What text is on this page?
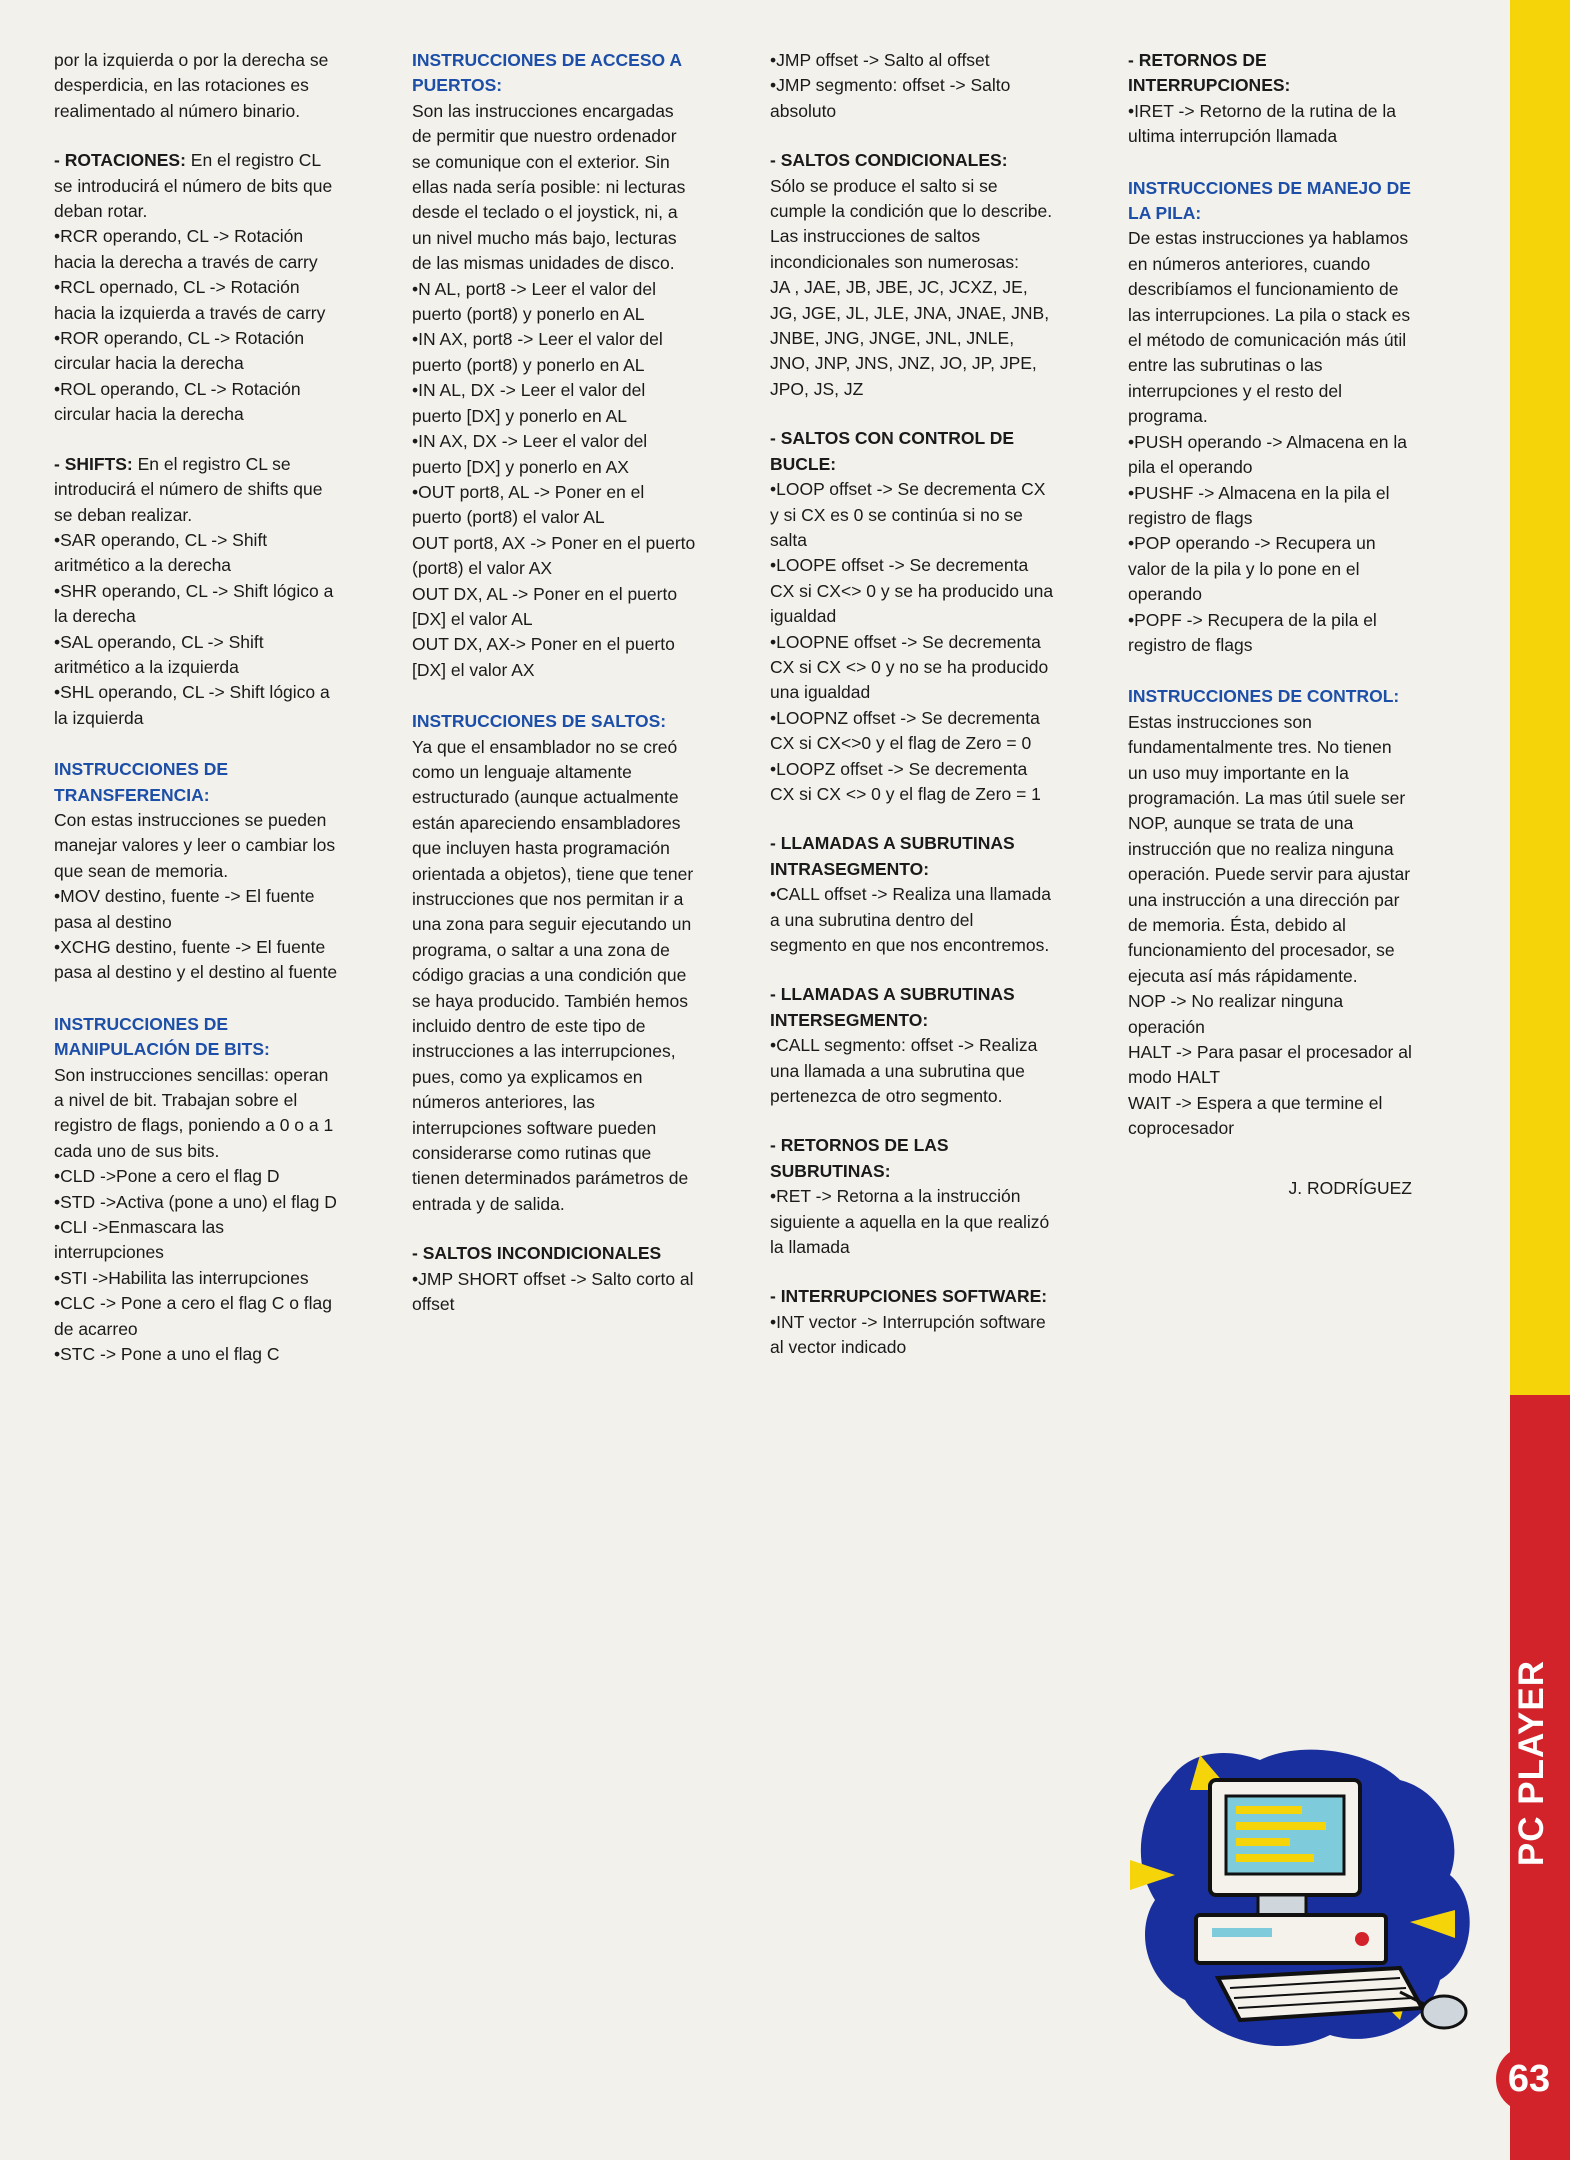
PC PLAYER
63

por la izquierda o por la derecha se desperdicia, en las rotaciones es realimentado al número binario.

- ROTACIONES: En el registro CL se introducirá el número de bits que deban rotar.

•RCR operando, CL -> Rotación hacia la derecha a través de carry

•RCL opernado, CL -> Rotación hacia la izquierda a través de carry

•ROR operando, CL -> Rotación circular hacia la derecha

•ROL operando, CL -> Rotación circular hacia la derecha

- SHIFTS: En el registro CL se introducirá el número de shifts que se deban realizar.

•SAR operando, CL -> Shift aritmético a la derecha

•SHR operando, CL -> Shift lógico a la derecha

•SAL operando, CL -> Shift aritmético a la izquierda

•SHL operando, CL -> Shift lógico a la izquierda

INSTRUCCIONES DE TRANSFERENCIA:

Con estas instrucciones se pueden manejar valores y leer o cambiar los que sean de memoria.

•MOV destino, fuente -> El fuente pasa al destino

•XCHG destino, fuente -> El fuente pasa al destino y el destino al fuente

INSTRUCCIONES DE MANIPULACIÓN DE BITS:

Son instrucciones sencillas: operan a nivel de bit. Trabajan sobre el registro de flags, poniendo a 0 o a 1 cada uno de sus bits.

•CLD ->Pone a cero el flag D

•STD ->Activa (pone a uno) el flag D

•CLI ->Enmascara las interrupciones

•STI ->Habilita las interrupciones

•CLC -> Pone a cero el flag C o flag de acarreo

•STC -> Pone a uno el flag C

INSTRUCCIONES DE ACCESO A PUERTOS:

Son las instrucciones encargadas de permitir que nuestro ordenador se comunique con el exterior. Sin ellas nada sería posible: ni lecturas desde el teclado o el joystick, ni, a un nivel mucho más bajo, lecturas de las mismas unidades de disco.

•N AL, port8 -> Leer el valor del puerto (port8) y ponerlo en AL

•IN AX, port8 -> Leer el valor del puerto (port8) y ponerlo en AL

•IN AL, DX -> Leer el valor del puerto [DX] y ponerlo en AL

•IN AX, DX -> Leer el valor del puerto [DX] y ponerlo en AX

•OUT port8, AL -> Poner en el puerto (port8) el valor AL

OUT port8, AX -> Poner en el puerto (port8) el valor AX

OUT DX, AL -> Poner en el puerto [DX] el valor AL

OUT DX, AX-> Poner en el puerto [DX] el valor AX

INSTRUCCIONES DE SALTOS:

Ya que el ensamblador no se creó como un lenguaje altamente estructurado (aunque actualmente están apareciendo ensambladores que incluyen hasta programación orientada a objetos), tiene que tener instrucciones que nos permitan ir a una zona para seguir ejecutando un programa, o saltar a una zona de código gracias a una condición que se haya producido. También hemos incluido dentro de este tipo de instrucciones a las interrupciones, pues, como ya explicamos en números anteriores, las interrupciones software pueden considerarse como rutinas que tienen determinados parámetros de entrada y de salida.

- SALTOS INCONDICIONALES

•JMP SHORT offset -> Salto corto al offset

•JMP offset -> Salto al offset

•JMP segmento: offset -> Salto absoluto

- SALTOS CONDICIONALES:

Sólo se produce el salto si se cumple la condición que lo describe. Las instrucciones de saltos incondicionales son numerosas:

JA , JAE, JB, JBE, JC, JCXZ, JE, JG, JGE, JL, JLE, JNA, JNAE, JNB, JNBE, JNG, JNGE, JNL, JNLE, JNO, JNP, JNS, JNZ, JO, JP, JPE, JPO, JS, JZ

- SALTOS CON CONTROL DE BUCLE:

•LOOP offset -> Se decrementa CX y si CX es 0 se continúa si no se salta

•LOOPE offset -> Se decrementa CX si CX<> 0 y se ha producido una igualdad

•LOOPNE offset -> Se decrementa CX si CX <> 0 y no se ha producido una igualdad

•LOOPNZ offset -> Se decrementa CX si CX<>0 y el flag de Zero = 0

•LOOPZ offset -> Se decrementa CX si CX <> 0 y el flag de Zero = 1

- LLAMADAS A SUBRUTINAS INTRASEGMENTO:

•CALL offset -> Realiza una llamada a una subrutina dentro del segmento en que nos encontremos.

- LLAMADAS A SUBRUTINAS INTERSEGMENTO:

•CALL segmento: offset -> Realiza una llamada a una subrutina que pertenezca de otro segmento.

- RETORNOS DE LAS SUBRUTINAS:

•RET -> Retorna a la instrucción siguiente a aquella en la que realizó la llamada

- INTERRUPCIONES SOFTWARE:

•INT vector -> Interrupción software al vector indicado

- RETORNOS DE INTERRUPCIONES:

•IRET -> Retorno de la rutina de la ultima interrupción llamada

INSTRUCCIONES DE MANEJO DE LA PILA:

De estas instrucciones ya hablamos en números anteriores, cuando describíamos el funcionamiento de las interrupciones. La pila o stack es el método de comunicación más útil entre las subrutinas o las interrupciones y el resto del programa.

•PUSH operando -> Almacena en la pila el operando

•PUSHF -> Almacena en la pila el registro de flags

•POP operando -> Recupera un valor de la pila y lo pone en el operando

•POPF -> Recupera de la pila el registro de flags

INSTRUCCIONES DE CONTROL: Estas instrucciones son fundamentalmente tres. No tienen un uso muy importante en la programación. La mas útil suele ser NOP, aunque se trata de una instrucción que no realiza ninguna operación. Puede servir para ajustar una instrucción a una dirección par de memoria. Ésta, debido al funcionamiento del procesador, se ejecuta así más rápidamente.

NOP -> No realizar ninguna operación

HALT -> Para pasar el procesador al modo HALT

WAIT -> Espera a que termine el coprocesador

J. RODRÍGUEZ
